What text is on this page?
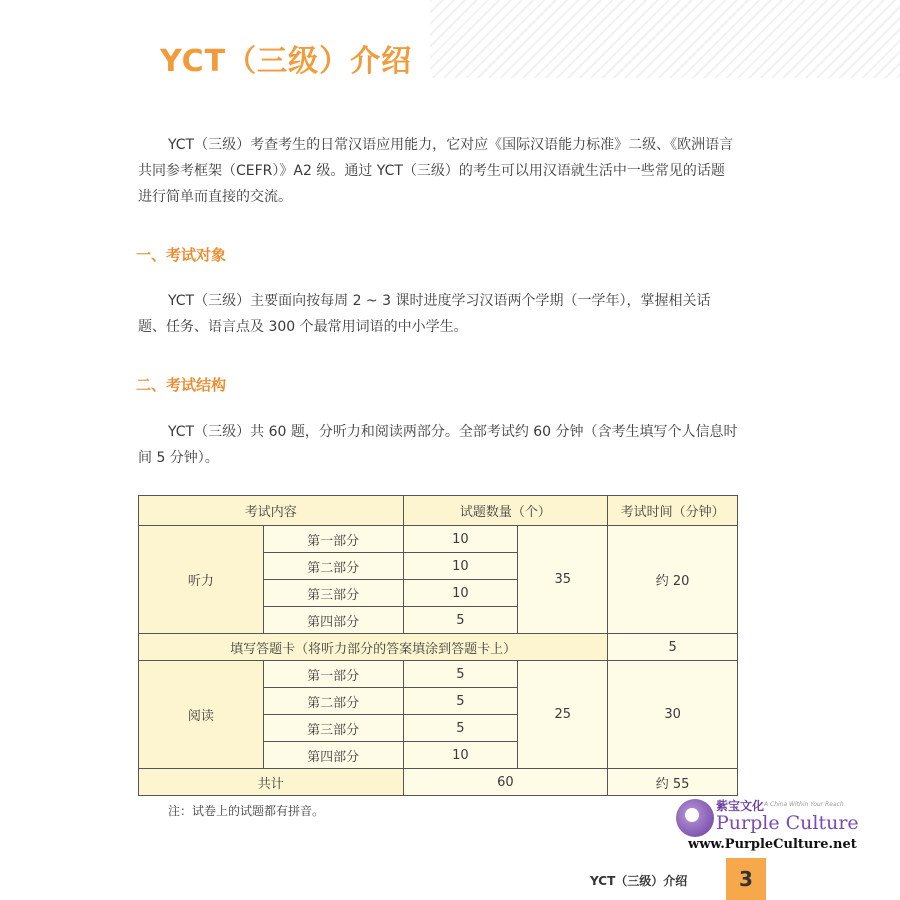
YCT（三级）介绍

YCT（三级）考查考生的日常汉语应用能力，它对应《国际汉语能力标准》二级、《欧洲语言共同参考框架（CEFR）》A2 级。通过 YCT（三级）的考生可以用汉语就生活中一些常见的话题进行简单而直接的交流。

一、考试对象

YCT（三级）主要面向按每周 2 ~ 3 课时进度学习汉语两个学期（一学年），掌握相关话题、任务、语言点及 300 个最常用词语的中小学生。

二、考试结构

YCT（三级）共 60 题，分听力和阅读两部分。全部考试约 60 分钟（含考生填写个人信息时间 5 分钟）。

考试内容		试题数量（个）		考试时间（分钟）
听力	第一部分	10	35	约 20
	第二部分	10		
	第三部分	10		
	第四部分	5		
填写答题卡（将听力部分的答案填涂到答题卡上）				5
阅读	第一部分	5	25	30
	第二部分	5		
	第三部分	5		
	第四部分	10		
共计		60		约 55

注：试卷上的试题都有拼音。	紫宝文化 A China Within Your Reach
Purple Culture
www.PurpleCulture.net
YCT（三级）介绍	3
